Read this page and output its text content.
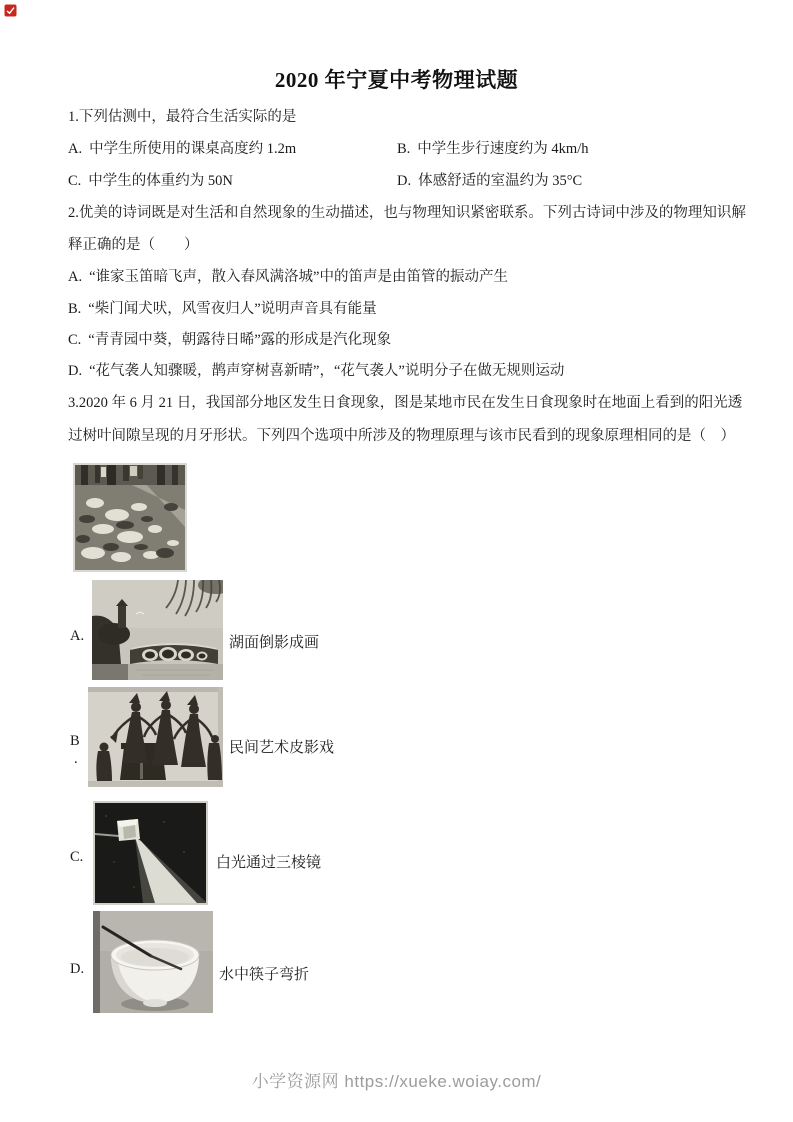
2020 年宁夏中考物理试题
1.下列估测中，最符合生活实际的是
A. 中学生所使用的课桌高度约 1.2m	B. 中学生步行速度约为 4km/h
C. 中学生的体重约为 50N	D. 体感舒适的室温约为 35°C
2.优美的诗词既是对生活和自然现象的生动描述，也与物理知识紧密联系。下列古诗词中涉及的物理知识解
释正确的是（　　）
A. “谁家玉笛暗飞声，散入春风满洛城”中的笛声是由笛管的振动产生
B. “柴门闻犬吠，风雪夜归人”说明声音具有能量
C. “青青园中葵，朝露待日晞”露的形成是汽化现象
D. “花气袭人知骤暖，鹊声穿树喜新晴”，“花气袭人”说明分子在做无规则运动
3.2020 年 6 月 21 日，我国部分地区发生日食现象，图是某地市民在发生日食现象时在地面上看到的阳光透
过树叶间隙呈现的月牙形状。下列四个选项中所涉及的物理原理与该市民看到的现象原理相同的是（　）
A.	湖面倒影成画
B
.
民间艺术皮影戏
C.	白光通过三棱镜
D.	水中筷子弯折
小学资源网 https://xueke.woiay.com/
